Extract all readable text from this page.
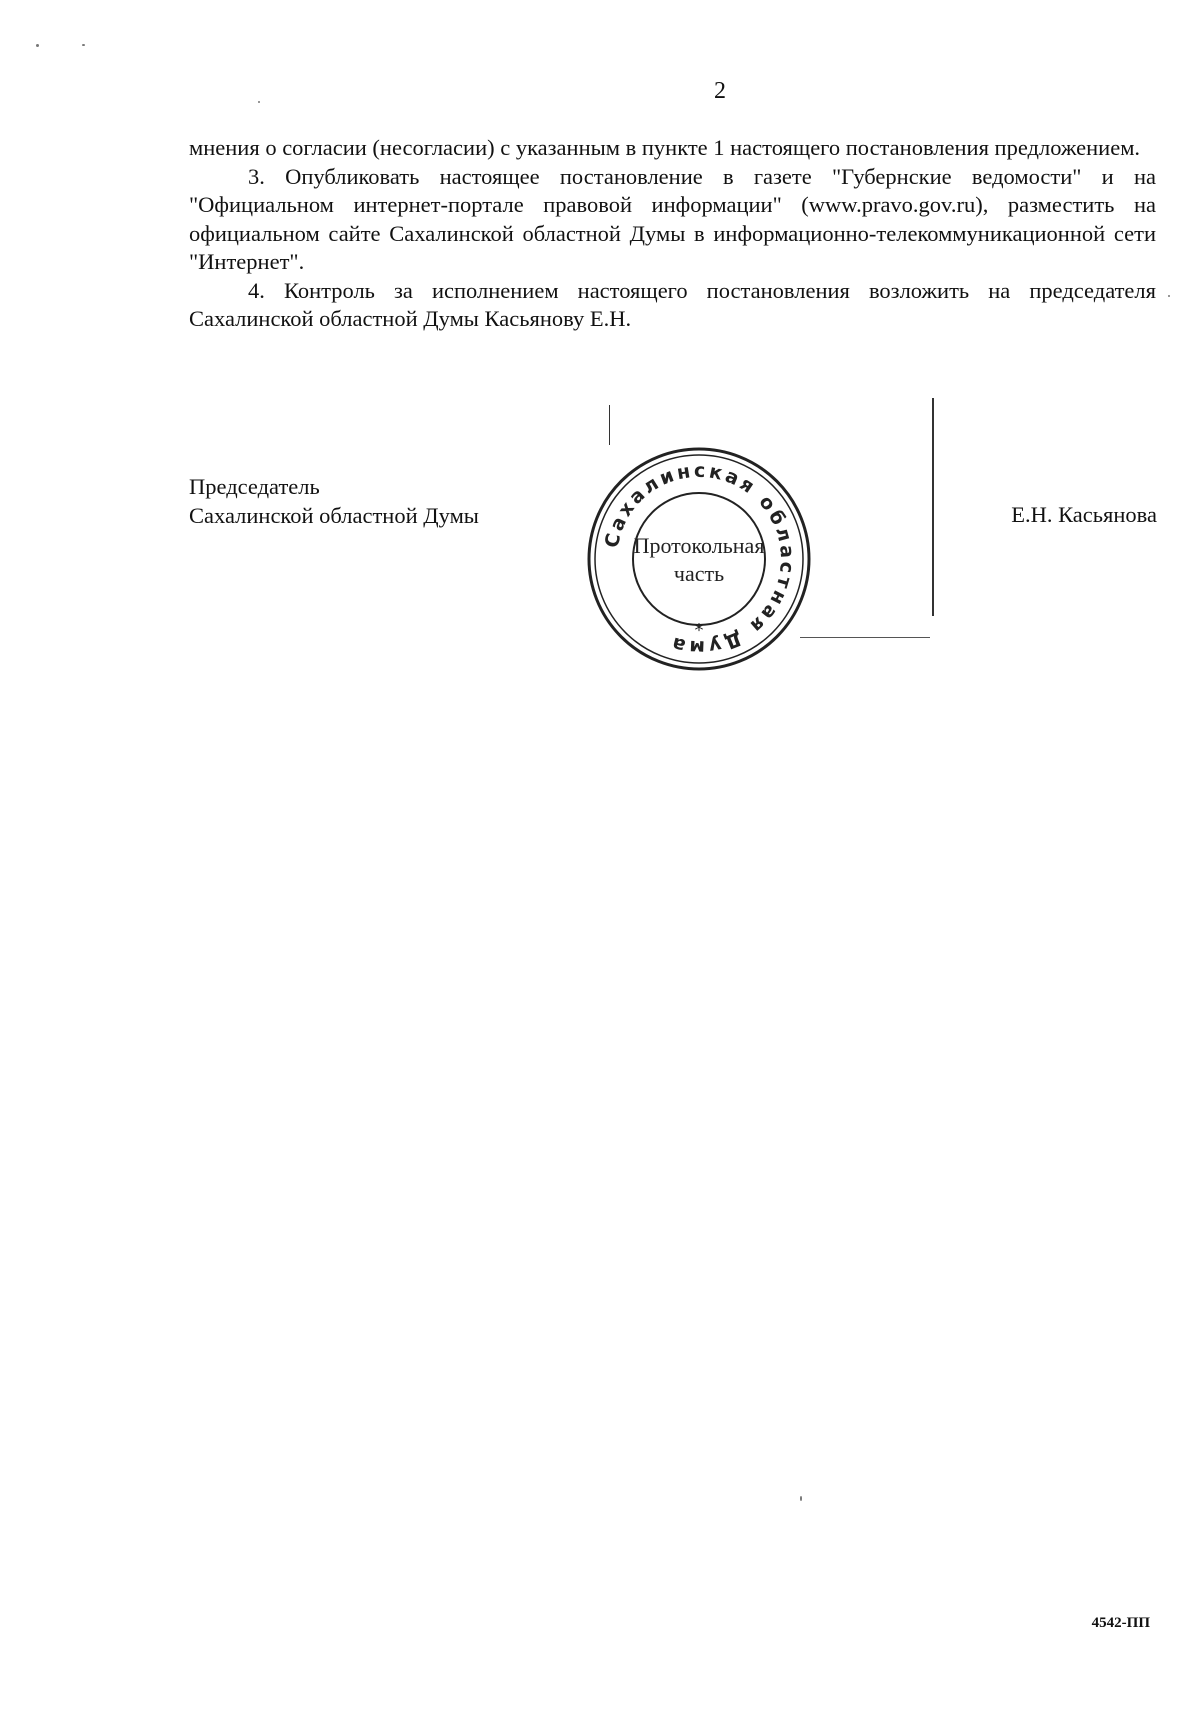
2

мнения о согласии (несогласии) с указанным в пункте 1 настоящего постановления предложением.

3. Опубликовать настоящее постановление в газете "Губернские ведомости" и на "Официальном интернет-портале правовой информации" (www.pravo.gov.ru), разместить на официальном сайте Сахалинской областной Думы в информационно-телекоммуникационной сети "Интернет".

4. Контроль за исполнением настоящего постановления возложить на председателя Сахалинской областной Думы Касьянову Е.Н.

Председатель
Сахалинской областной Думы	Е.Н. Касьянова
Сахалинская областная Дума
*
Протокольная
часть
4542-ПП
